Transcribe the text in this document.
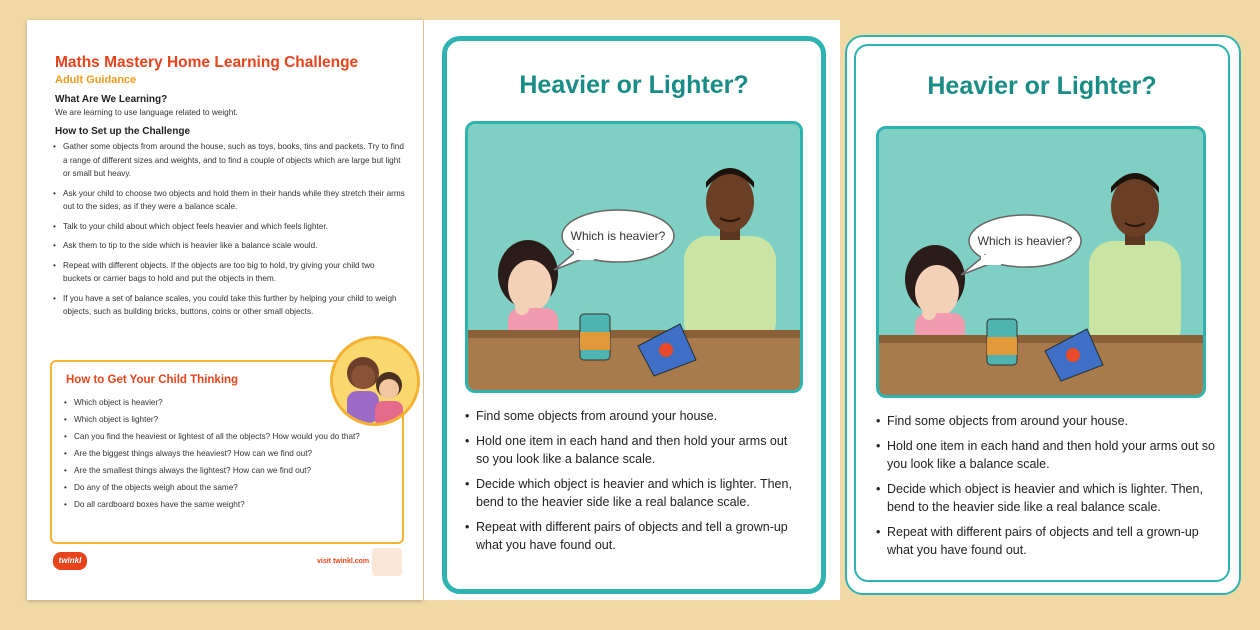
Maths Mastery Home Learning Challenge
Adult Guidance
What Are We Learning?
We are learning to use language related to weight.
How to Set up the Challenge
• Gather some objects from around the house, such as toys, books, tins and packets. Try to find a range of different sizes and weights, and to find a couple of objects which are large but light or small but heavy.
• Ask your child to choose two objects and hold them in their hands while they stretch their arms out to the sides, as if they were a balance scale.
• Talk to your child about which object feels heavier and which feels lighter.
• Ask them to tip to the side which is heavier like a balance scale would.
• Repeat with different objects. If the objects are too big to hold, try giving your child two buckets or carrier bags to hold and put the objects in them.
• If you have a set of balance scales, you could take this further by helping your child to weigh objects, such as building bricks, buttons, coins or other small objects.
How to Get Your Child Thinking
• Which object is heavier?
• Which object is lighter?
• Can you find the heaviest or lightest of all the objects? How would you do that?
• Are the biggest things always the heaviest? How can we find out?
• Are the smallest things always the lightest? How can we find out?
• Do any of the objects weigh about the same?
• Do all cardboard boxes have the same weight?
twinkl	visit twinkl.com
Heavier or Lighter?
Which is heavier?
• Find some objects from around your house.
• Hold one item in each hand and then hold your arms out so you look like a balance scale.
• Decide which object is heavier and which is lighter. Then, bend to the heavier side like a real balance scale.
• Repeat with different pairs of objects and tell a grown-up what you have found out.
Heavier or Lighter?
Which is heavier?
• Find some objects from around your house.
• Hold one item in each hand and then hold your arms out so you look like a balance scale.
• Decide which object is heavier and which is lighter. Then, bend to the heavier side like a real balance scale.
• Repeat with different pairs of objects and tell a grown-up what you have found out.
